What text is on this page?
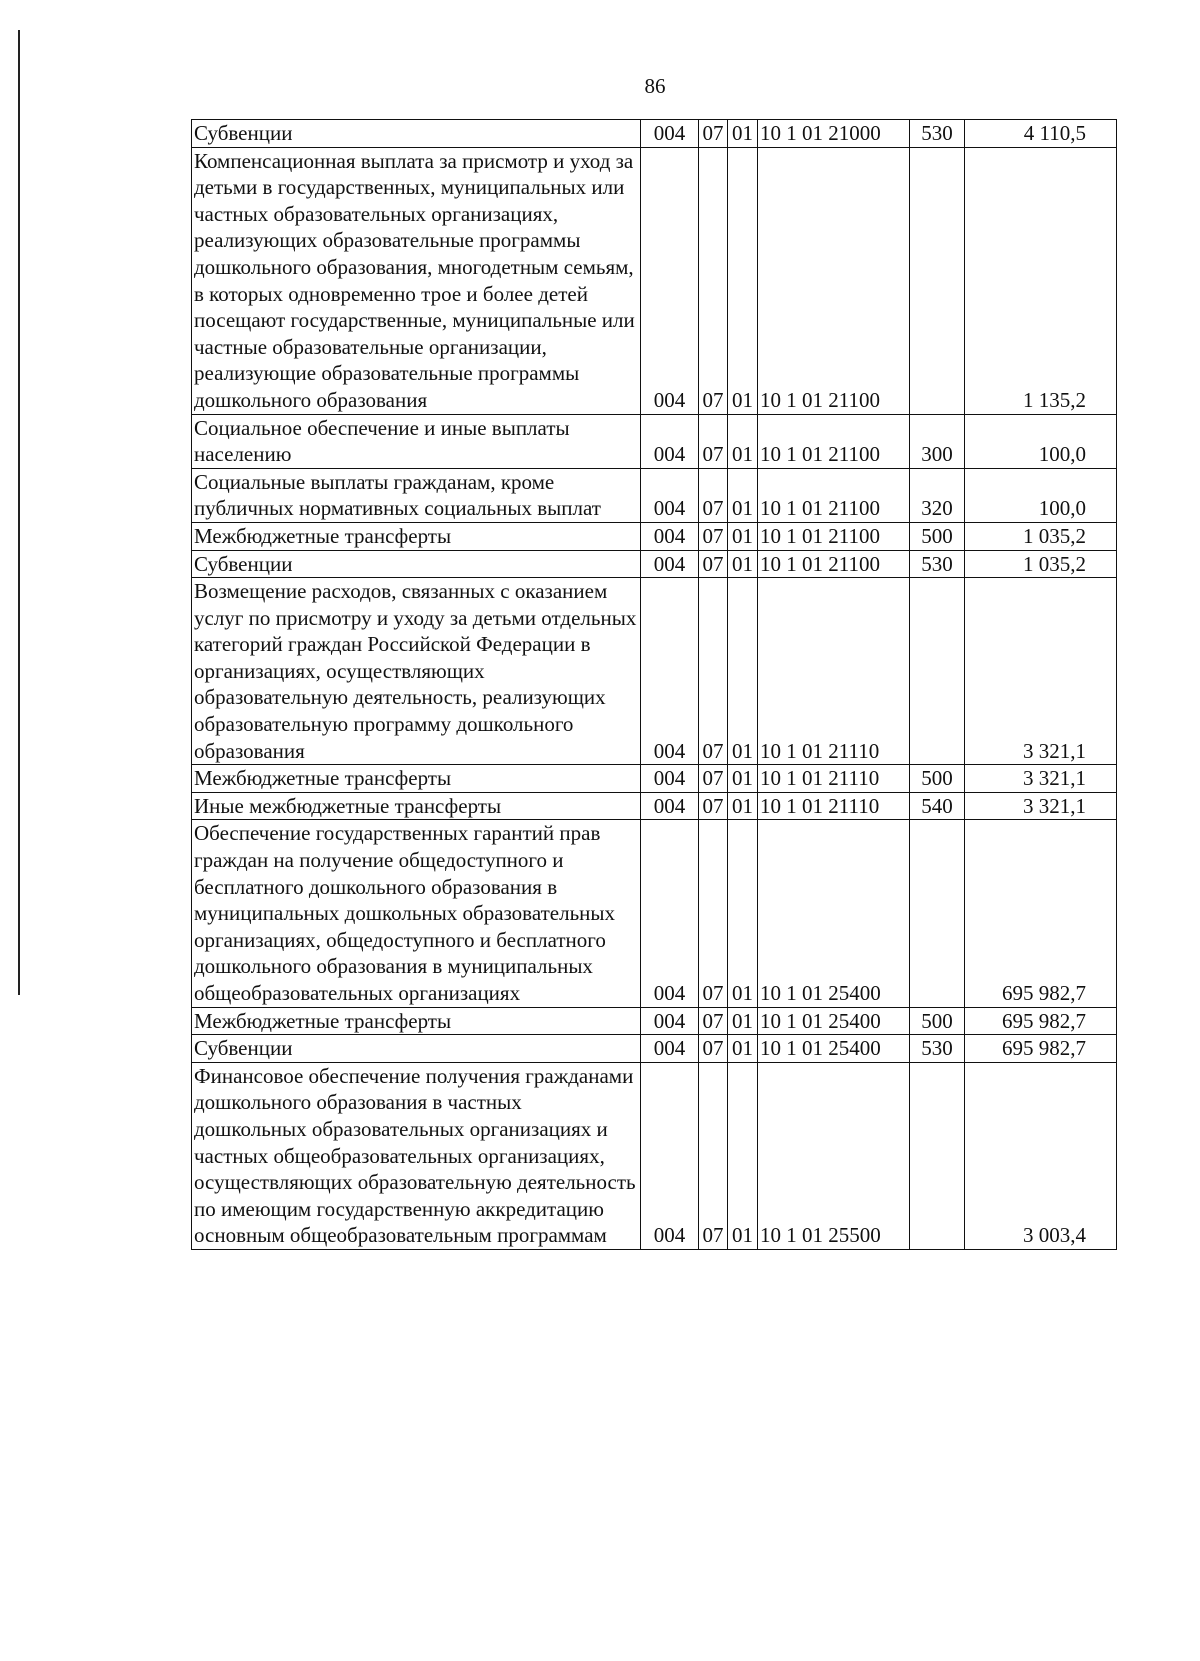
86
Субвенции	004	07	01	10 1 01 21000	530	4 110,5
Компенсационная выплата за присмотр и уход за детьми в государственных, муниципальных или частных образовательных организациях, реализующих образовательные программы дошкольного образования, многодетным семьям, в которых одновременно трое и более детей посещают государственные, муниципальные или частные образовательные организации, реализующие образовательные программы дошкольного образования	004	07	01	10 1 01 21100		1 135,2
Социальное обеспечение и иные выплаты населению	004	07	01	10 1 01 21100	300	100,0
Социальные выплаты гражданам, кроме публичных нормативных социальных выплат	004	07	01	10 1 01 21100	320	100,0
Межбюджетные трансферты	004	07	01	10 1 01 21100	500	1 035,2
Субвенции	004	07	01	10 1 01 21100	530	1 035,2
Возмещение расходов, связанных с оказанием услуг по присмотру и уходу за детьми отдельных категорий граждан Российской Федерации в организациях, осуществляющих образовательную деятельность, реализующих образовательную программу дошкольного образования	004	07	01	10 1 01 21110		3 321,1
Межбюджетные трансферты	004	07	01	10 1 01 21110	500	3 321,1
Иные межбюджетные трансферты	004	07	01	10 1 01 21110	540	3 321,1
Обеспечение государственных гарантий прав граждан на получение общедоступного и бесплатного дошкольного образования в муниципальных дошкольных образовательных организациях, общедоступного и бесплатного дошкольного образования в муниципальных общеобразовательных организациях	004	07	01	10 1 01 25400		695 982,7
Межбюджетные трансферты	004	07	01	10 1 01 25400	500	695 982,7
Субвенции	004	07	01	10 1 01 25400	530	695 982,7
Финансовое обеспечение получения гражданами дошкольного образования в частных дошкольных образовательных организациях и частных общеобразовательных организациях, осуществляющих образовательную деятельность по имеющим государственную аккредитацию основным общеобразовательным программам	004	07	01	10 1 01 25500		3 003,4
